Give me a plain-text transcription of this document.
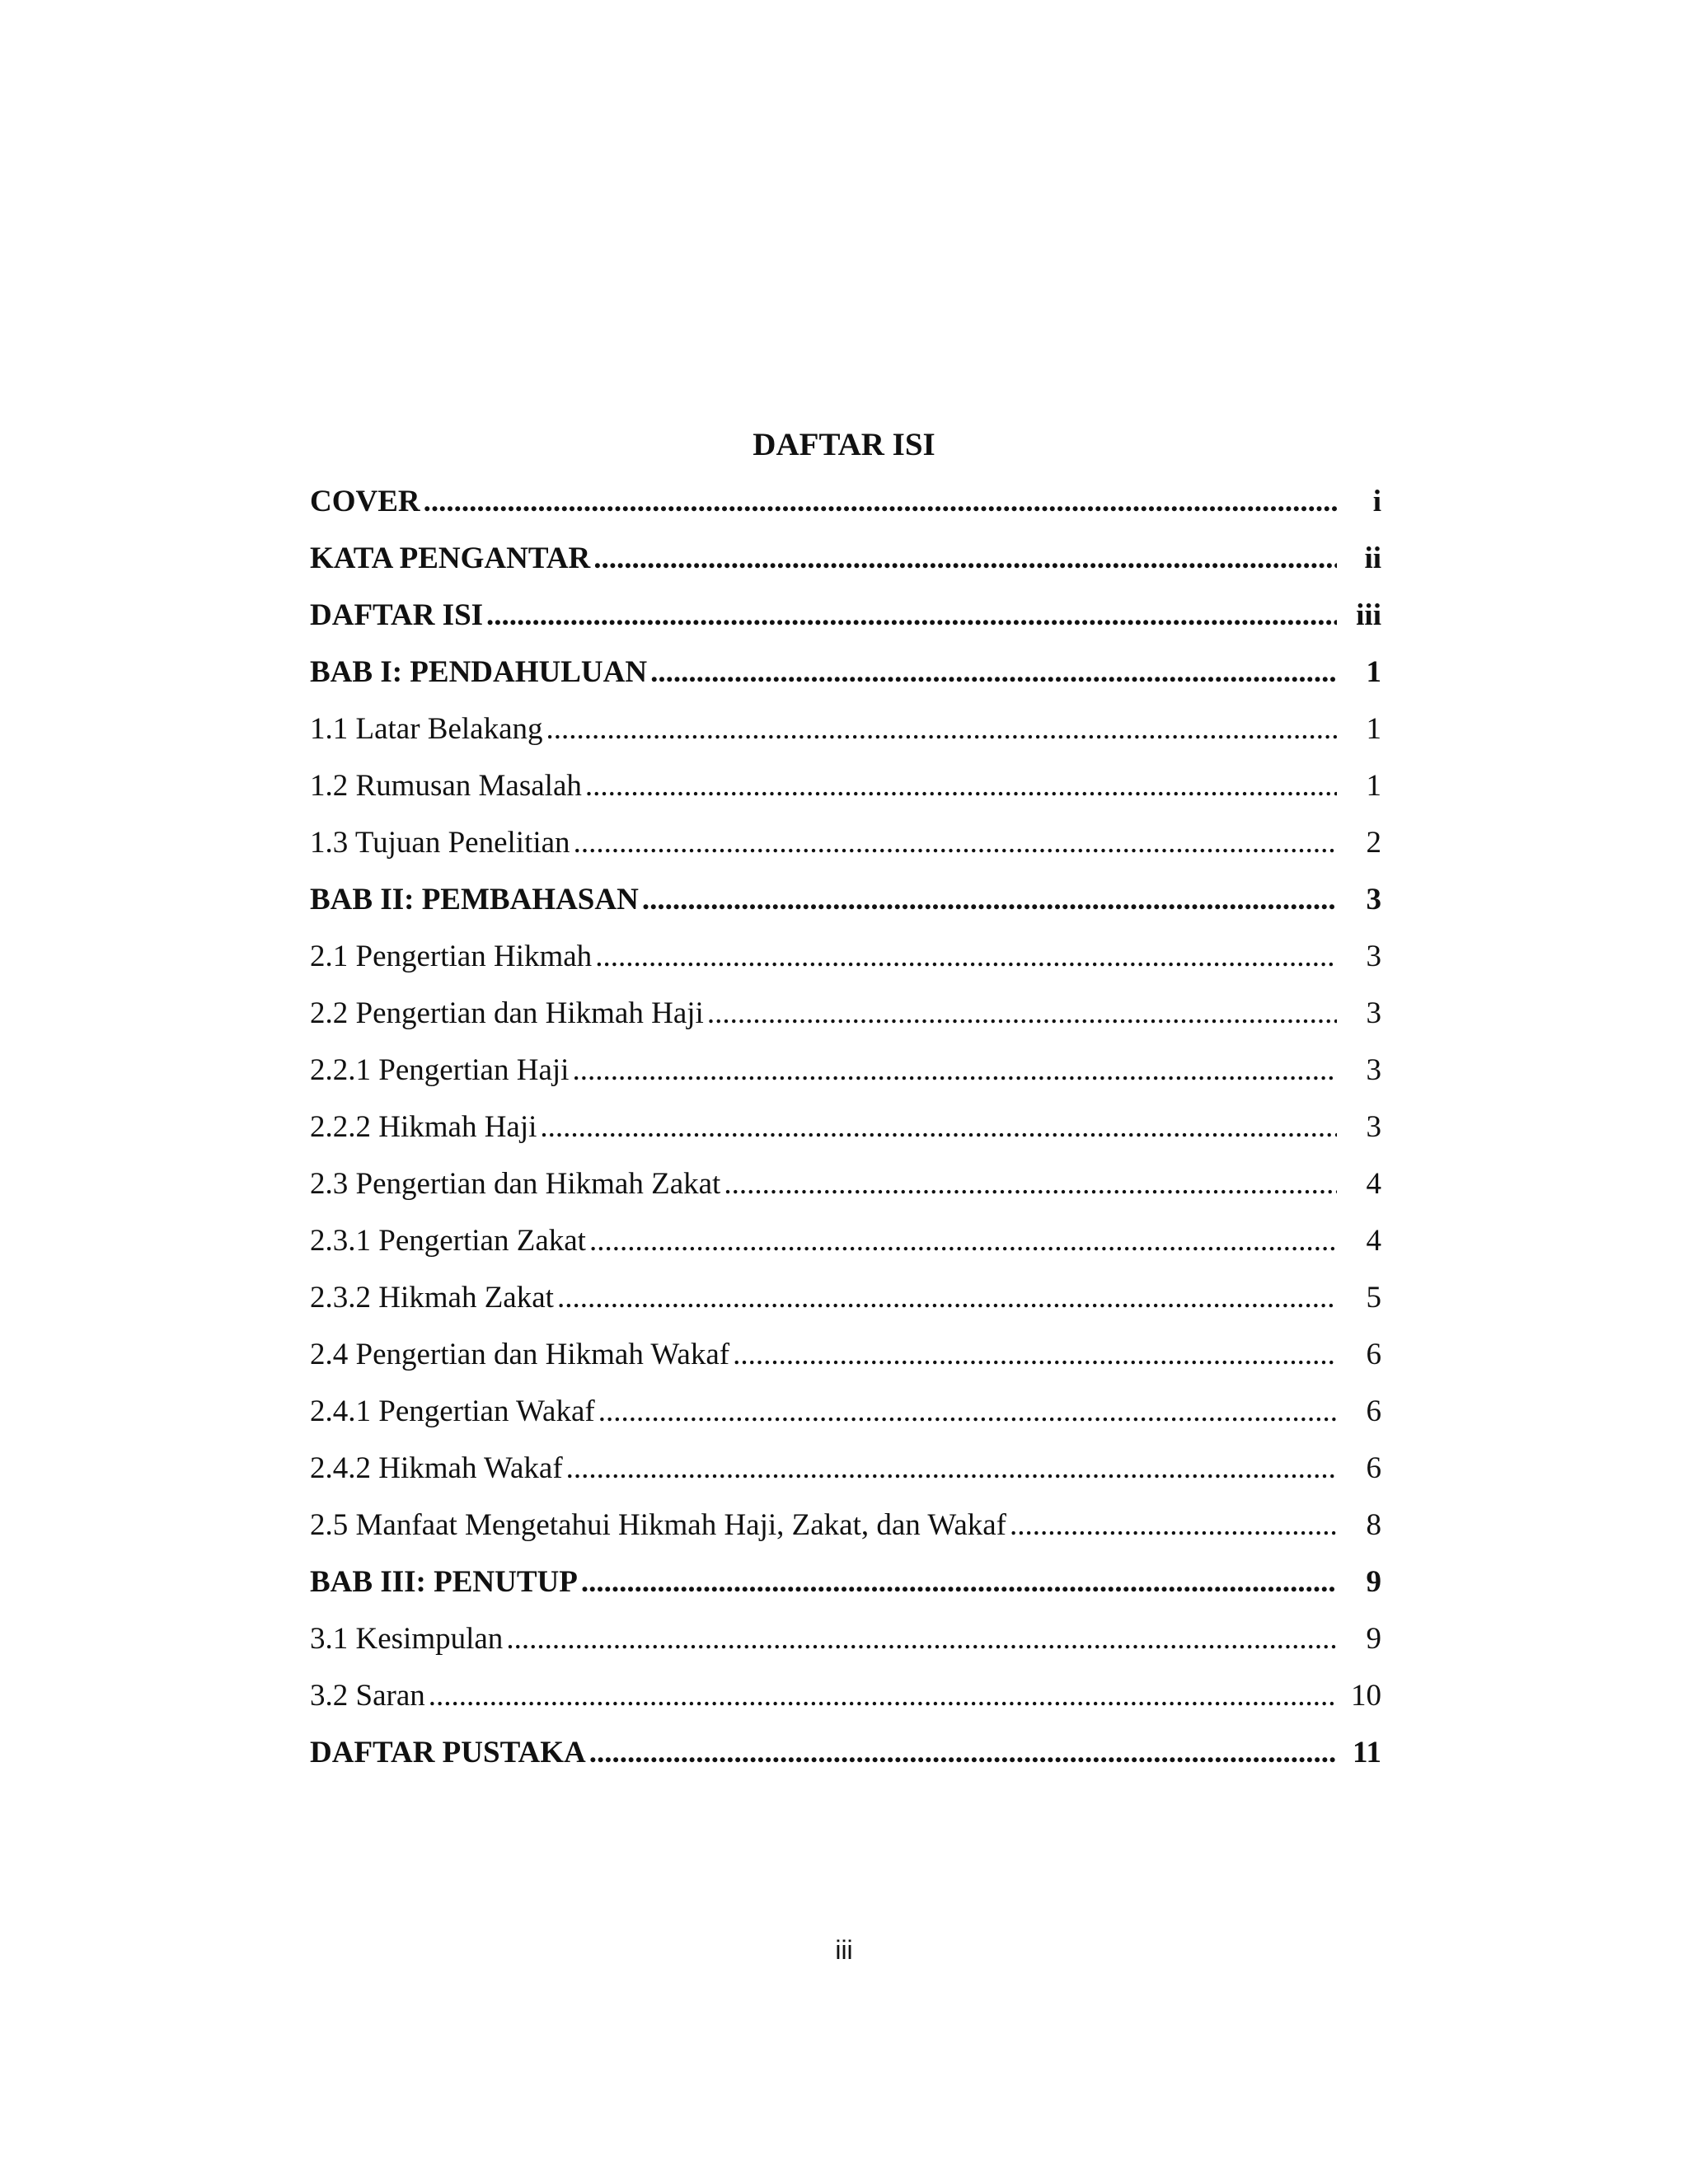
DAFTAR ISI
COVER .....	i
KATA PENGANTAR .....	ii
DAFTAR ISI .....	iii
BAB I: PENDAHULUAN .....	1
1.1 Latar Belakang .....	1
1.2 Rumusan Masalah .....	1
1.3 Tujuan Penelitian .....	2
BAB II: PEMBAHASAN .....	3
2.1 Pengertian Hikmah .....	3
2.2 Pengertian dan Hikmah Haji .....	3
2.2.1 Pengertian Haji .....	3
2.2.2 Hikmah Haji .....	3
2.3 Pengertian dan Hikmah Zakat .....	4
2.3.1 Pengertian Zakat .....	4
2.3.2 Hikmah Zakat .....	5
2.4 Pengertian dan Hikmah Wakaf .....	6
2.4.1 Pengertian Wakaf .....	6
2.4.2 Hikmah Wakaf .....	6
2.5 Manfaat Mengetahui Hikmah Haji, Zakat, dan Wakaf .....	8
BAB III: PENUTUP .....	9
3.1 Kesimpulan .....	9
3.2 Saran .....	10
DAFTAR PUSTAKA .....	11

iii
